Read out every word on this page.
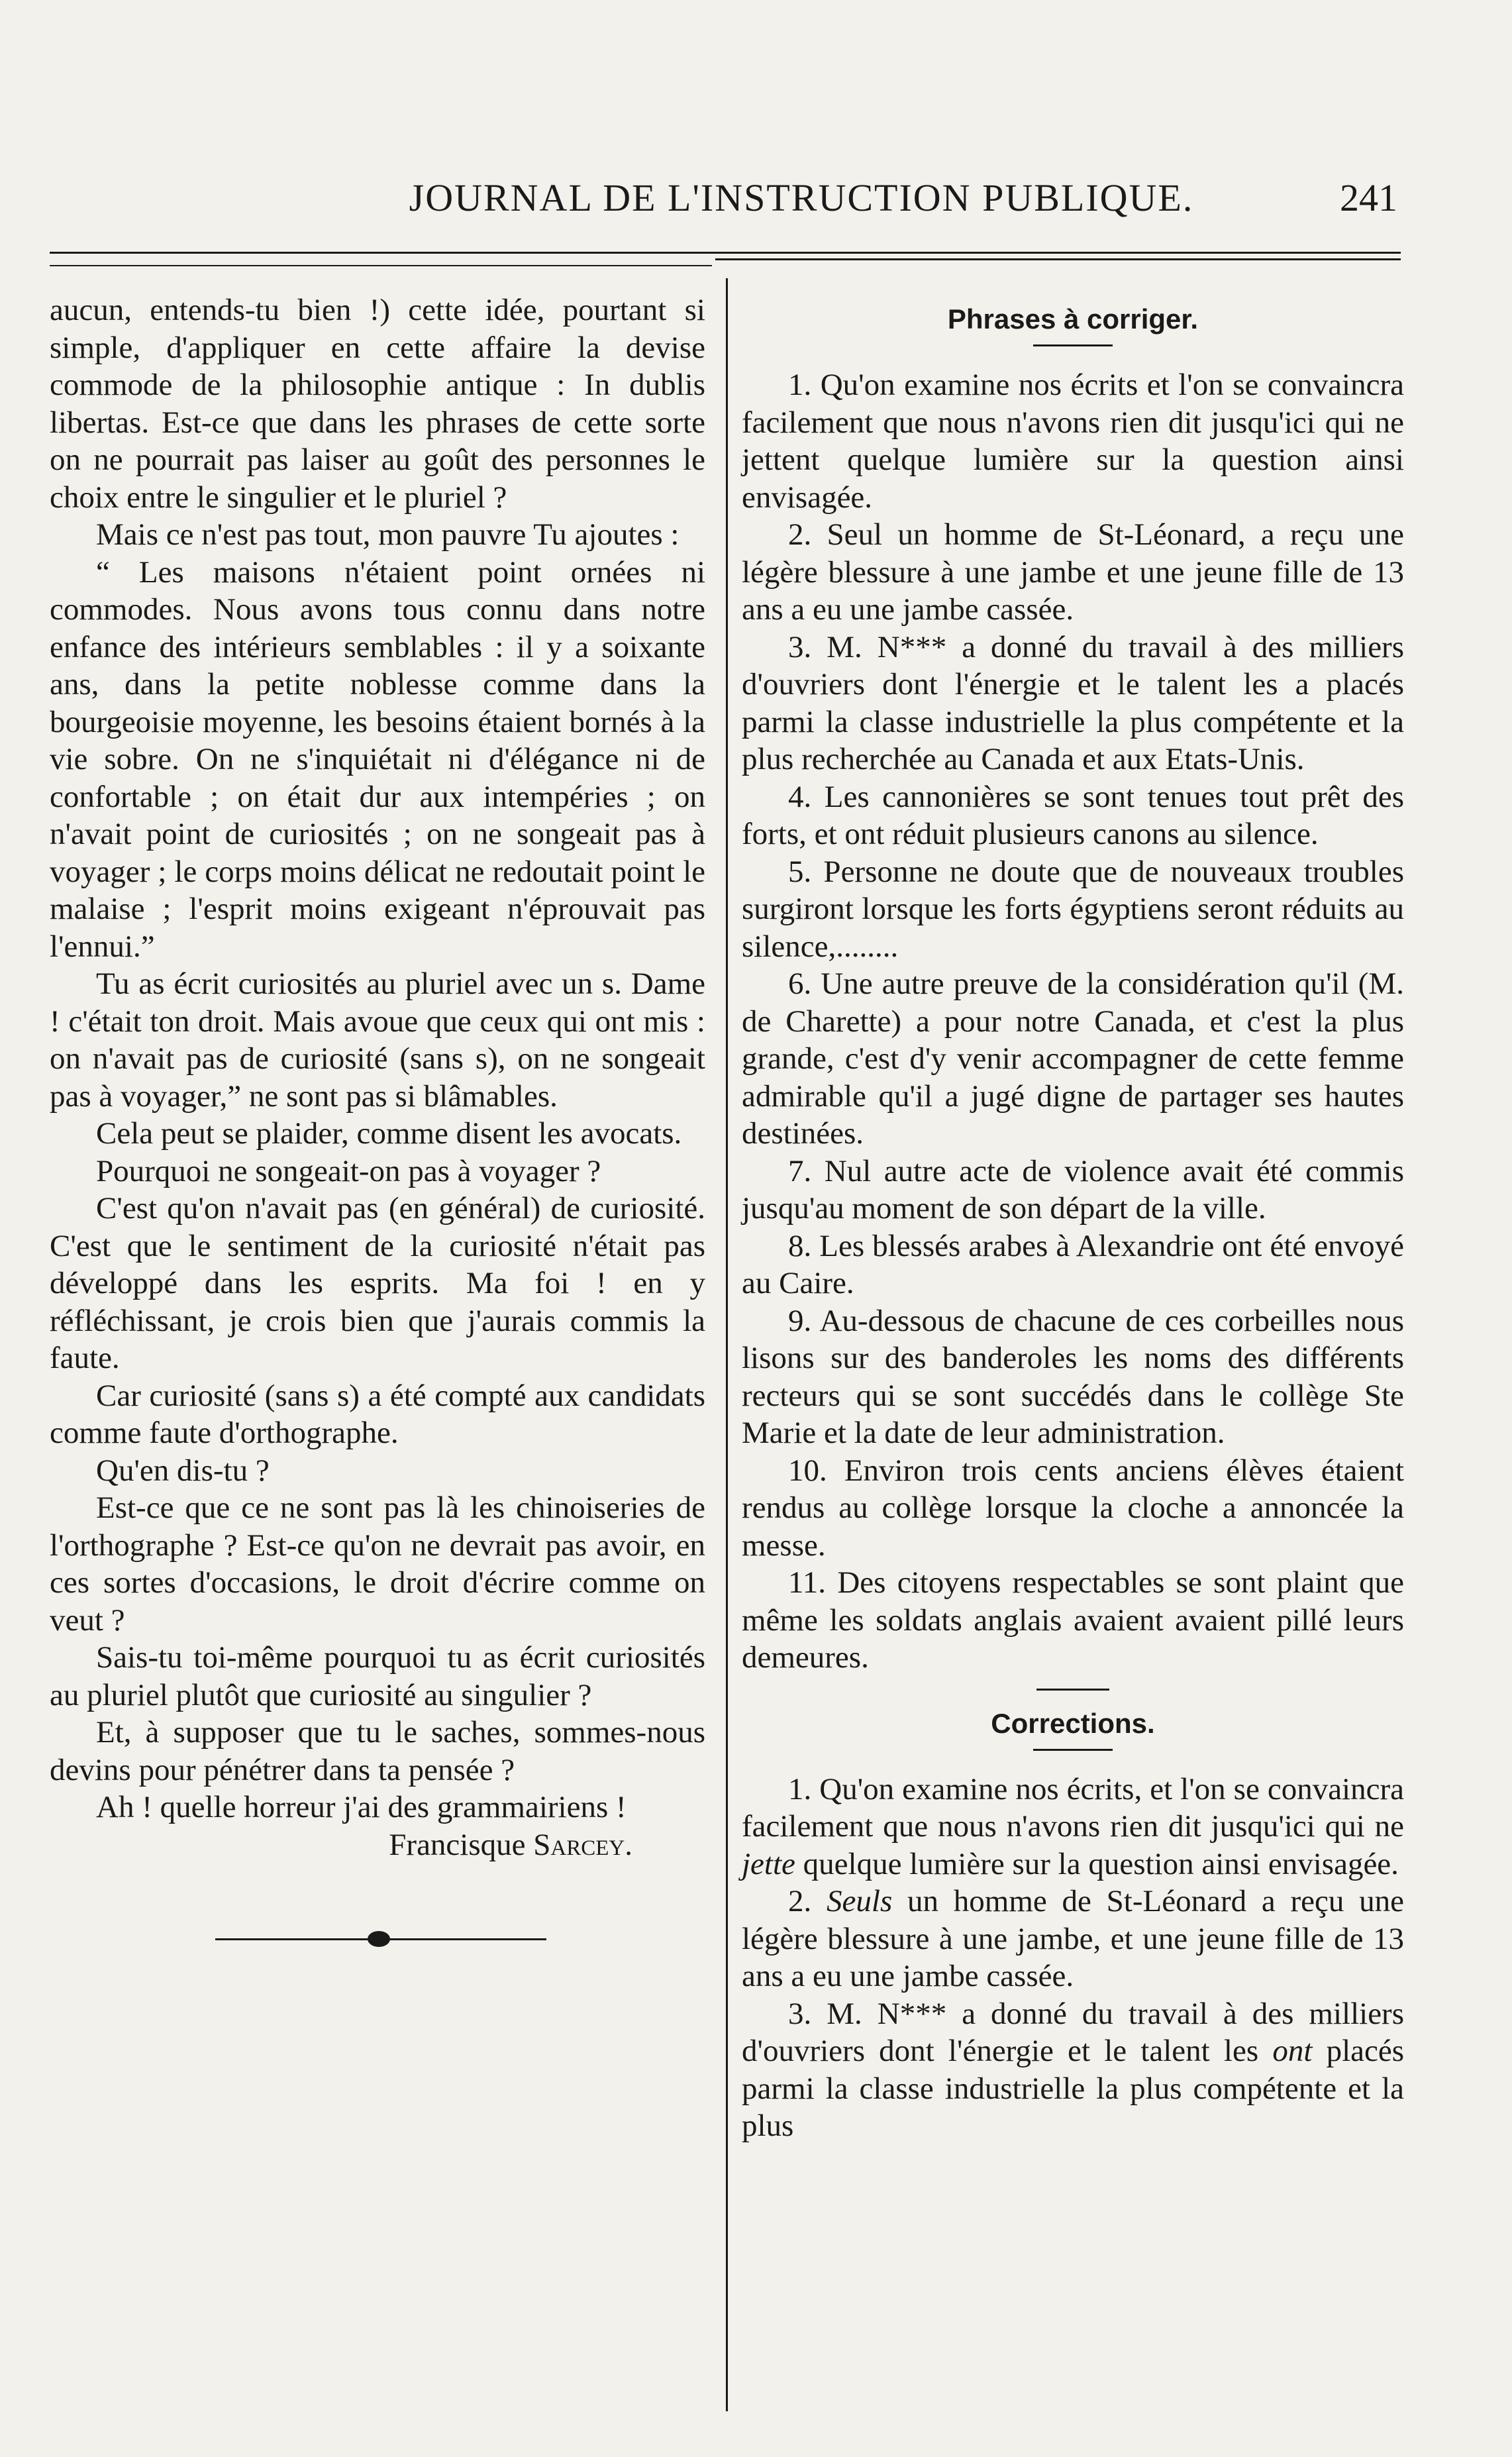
JOURNAL DE L'INSTRUCTION PUBLIQUE.	241

aucun, entends-tu bien !) cette idée, pourtant si simple, d'appliquer en cette affaire la devise commode de la philosophie antique : In dublis libertas. Est-ce que dans les phrases de cette sorte on ne pourrait pas laiser au goût des personnes le choix entre le singulier et le pluriel ?

Mais ce n'est pas tout, mon pauvre Tu ajoutes :

“ Les maisons n'étaient point ornées ni commodes. Nous avons tous connu dans notre enfance des intérieurs semblables : il y a soixante ans, dans la petite noblesse comme dans la bourgeoisie moyenne, les besoins étaient bornés à la vie sobre. On ne s'inquiétait ni d'élégance ni de confortable ; on était dur aux intempéries ; on n'avait point de curiosités ; on ne songeait pas à voyager ; le corps moins délicat ne redoutait point le malaise ; l'esprit moins exigeant n'éprouvait pas l'ennui.”

Tu as écrit curiosités au pluriel avec un s. Dame ! c'était ton droit. Mais avoue que ceux qui ont mis : on n'avait pas de curiosité (sans s), on ne songeait pas à voyager,” ne sont pas si blâmables.

Cela peut se plaider, comme disent les avocats.

Pourquoi ne songeait-on pas à voyager ?

C'est qu'on n'avait pas (en général) de curiosité. C'est que le sentiment de la curiosité n'était pas développé dans les esprits. Ma foi ! en y réfléchissant, je crois bien que j'aurais commis la faute.

Car curiosité (sans s) a été compté aux candidats comme faute d'orthographe.

Qu'en dis-tu ?

Est-ce que ce ne sont pas là les chinoiseries de l'orthographe ? Est-ce qu'on ne devrait pas avoir, en ces sortes d'occasions, le droit d'écrire comme on veut ?

Sais-tu toi-même pourquoi tu as écrit curiosités au pluriel plutôt que curiosité au singulier ?

Et, à supposer que tu le saches, sommes-nous devins pour pénétrer dans ta pensée ?

Ah ! quelle horreur j'ai des grammairiens !

Francisque Sarcey.

Phrases à corriger.

1. Qu'on examine nos écrits et l'on se convaincra facilement que nous n'avons rien dit jusqu'ici qui ne jettent quelque lumière sur la question ainsi envisagée.

2. Seul un homme de St-Léonard, a reçu une légère blessure à une jambe et une jeune fille de 13 ans a eu une jambe cassée.

3. M. N*** a donné du travail à des milliers d'ouvriers dont l'énergie et le talent les a placés parmi la classe industrielle la plus compétente et la plus recherchée au Canada et aux Etats-Unis.

4. Les cannonières se sont tenues tout prêt des forts, et ont réduit plusieurs canons au silence.

5. Personne ne doute que de nouveaux troubles surgiront lorsque les forts égyptiens seront réduits au silence,........

6. Une autre preuve de la considération qu'il (M. de Charette) a pour notre Canada, et c'est la plus grande, c'est d'y venir accompagner de cette femme admirable qu'il a jugé digne de partager ses hautes destinées.

7. Nul autre acte de violence avait été commis jusqu'au moment de son départ de la ville.

8. Les blessés arabes à Alexandrie ont été envoyé au Caire.

9. Au-dessous de chacune de ces corbeilles nous lisons sur des banderoles les noms des différents recteurs qui se sont succédés dans le collège Ste Marie et la date de leur administration.

10. Environ trois cents anciens élèves étaient rendus au collège lorsque la cloche a annoncée la messe.

11. Des citoyens respectables se sont plaint que même les soldats anglais avaient avaient pillé leurs demeures.

Corrections.

1. Qu'on examine nos écrits, et l'on se convaincra facilement que nous n'avons rien dit jusqu'ici qui ne jette quelque lumière sur la question ainsi envisagée.

2. Seuls un homme de St-Léonard a reçu une légère blessure à une jambe, et une jeune fille de 13 ans a eu une jambe cassée.

3. M. N*** a donné du travail à des milliers d'ouvriers dont l'énergie et le talent les ont placés parmi la classe industrielle la plus compétente et la plus
